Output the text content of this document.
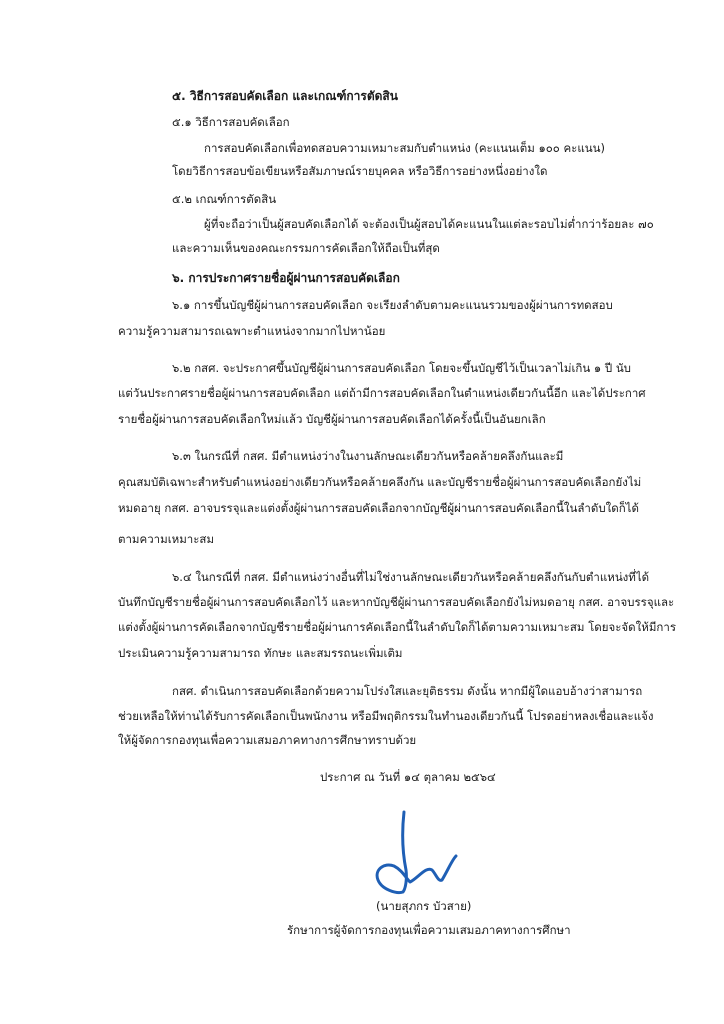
๕. วิธีการสอบคัดเลือก และเกณฑ์การตัดสิน
๕.๑ วิธีการสอบคัดเลือก
การสอบคัดเลือกเพื่อทดสอบความเหมาะสมกับตำแหน่ง (คะแนนเต็ม ๑๐๐ คะแนน)
โดยวิธีการสอบข้อเขียนหรือสัมภาษณ์รายบุคคล หรือวิธีการอย่างหนึ่งอย่างใด
๕.๒ เกณฑ์การตัดสิน
ผู้ที่จะถือว่าเป็นผู้สอบคัดเลือกได้ จะต้องเป็นผู้สอบได้คะแนนในแต่ละรอบไม่ต่ำกว่าร้อยละ ๗๐
และความเห็นของคณะกรรมการคัดเลือกให้ถือเป็นที่สุด
๖. การประกาศรายชื่อผู้ผ่านการสอบคัดเลือก
๖.๑ การขึ้นบัญชีผู้ผ่านการสอบคัดเลือก จะเรียงลำดับตามคะแนนรวมของผู้ผ่านการทดสอบ
ความรู้ความสามารถเฉพาะตำแหน่งจากมากไปหาน้อย
๖.๒ กสศ. จะประกาศขึ้นบัญชีผู้ผ่านการสอบคัดเลือก โดยจะขึ้นบัญชีไว้เป็นเวลาไม่เกิน ๑ ปี นับ
แต่วันประกาศรายชื่อผู้ผ่านการสอบคัดเลือก แต่ถ้ามีการสอบคัดเลือกในตำแหน่งเดียวกันนี้อีก และได้ประกาศ
รายชื่อผู้ผ่านการสอบคัดเลือกใหม่แล้ว บัญชีผู้ผ่านการสอบคัดเลือกได้ครั้งนี้เป็นอันยกเลิก
๖.๓ ในกรณีที่ กสศ. มีตำแหน่งว่างในงานลักษณะเดียวกันหรือคล้ายคลึงกันและมี
คุณสมบัติเฉพาะสำหรับตำแหน่งอย่างเดียวกันหรือคล้ายคลึงกัน และบัญชีรายชื่อผู้ผ่านการสอบคัดเลือกยังไม่
หมดอายุ กสศ. อาจบรรจุและแต่งตั้งผู้ผ่านการสอบคัดเลือกจากบัญชีผู้ผ่านการสอบคัดเลือกนี้ในลำดับใดก็ได้
ตามความเหมาะสม
๖.๔ ในกรณีที่ กสศ. มีตำแหน่งว่างอื่นที่ไม่ใช่งานลักษณะเดียวกันหรือคล้ายคลึงกันกับตำแหน่งที่ได้
บันทึกบัญชีรายชื่อผู้ผ่านการสอบคัดเลือกไว้ และหากบัญชีผู้ผ่านการสอบคัดเลือกยังไม่หมดอายุ กสศ. อาจบรรจุและ
แต่งตั้งผู้ผ่านการคัดเลือกจากบัญชีรายชื่อผู้ผ่านการคัดเลือกนี้ในลำดับใดก็ได้ตามความเหมาะสม โดยจะจัดให้มีการ
ประเมินความรู้ความสามารถ ทักษะ และสมรรถนะเพิ่มเติม
กสศ. ดำเนินการสอบคัดเลือกด้วยความโปร่งใสและยุติธรรม ดังนั้น หากมีผู้ใดแอบอ้างว่าสามารถ
ช่วยเหลือให้ท่านได้รับการคัดเลือกเป็นพนักงาน หรือมีพฤติกรรมในทำนองเดียวกันนี้ โปรดอย่าหลงเชื่อและแจ้ง
ให้ผู้จัดการกองทุนเพื่อความเสมอภาคทางการศึกษาทราบด้วย
ประกาศ ณ วันที่ ๑๔ ตุลาคม ๒๕๖๔
(นายสุภกร บัวสาย)
รักษาการผู้จัดการกองทุนเพื่อความเสมอภาคทางการศึกษา
